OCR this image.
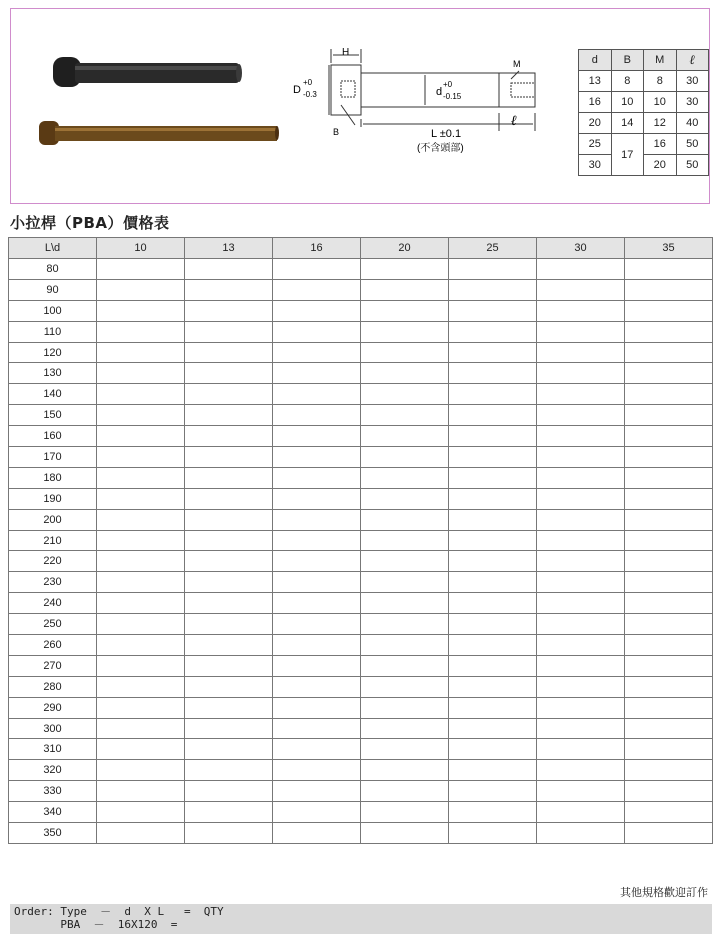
H
D
+0
-0.3	d
+0
-0.15
M
B	L ±0.1
(不含頭部)
ℓ
d	B	M	ℓ
13	8	8	30
16	10	10	30
20	14	12	40
25	17	16	50
30		20	50
小拉桿（PBA）價格表
L\d	10	13	16	20	25	30	35
80							
90							
100							
110							
120							
130							
140							
150							
160							
170							
180							
190							
200							
210							
220							
230							
240							
250							
260							
270							
280							
290							
300							
310							
320							
330							
340							
350							
其他規格歡迎訂作
Order: Type  －  d  X L   =  QTY
PBA  －  16X120  =
